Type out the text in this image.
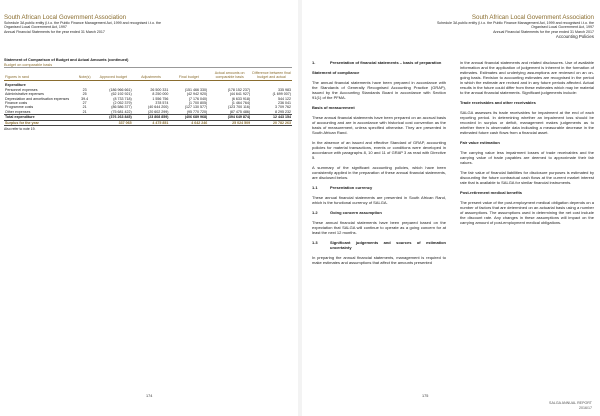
South African Local Government Association
Schedule 3A public entity (i.t.o. the Public Finance Management Act, 1999 and recognised i.t.o. the
Organised Local Government Act, 1997
Annual Financial Statements for the year ended 31 March 2017
Statement of Comparison of Budget and Actual Amounts (continued)
Budget on comparable basis
Figures in rand	Note(s)	Approved budget	Adjustments	Final budget	Actual amounts on comparable basis	Difference between final budget and actual
Expenditure						
Personnel expenses	23	(186 966 661)	26 500 331	(151 466 330)	(178 152 237)	335 983
Administrative expenses	25	(62 192 921)	8 250 000	(42 942 920)	(44 641 927)	(1 699 007)
Depreciation and amortisation expenses	39.4	(8 733 718)	1 556 756	(7 176 040)	(6 633 918)	544 122
Finance costs	27	(2 052 379)	378 574	(1 700 805)	(1 464 764)	236 041
Programme costs	21	(86 586 377)	(40 644 200)	(127 130 577)	(123 700 116)	3 709 762
Other expenses	21	(75 681 422)	(20 602 299)	(95 770 720)	(87 475 486)	8 295 232
Total expenditure		(376 263 845)	(23 808 859)	(406 689 968)	(394 649 874)	12 443 154
Surplus for the year		337 065	4 475 851	4 642 246	25 024 509	20 782 263
Also refer to note 19.
174
South African Local Government Association
Schedule 3A public entity (i.t.o. the Public Finance Management Act, 1999 and recognised i.t.o. the
Organised Local Government Act, 1997
Annual Financial Statements for the year ended 31 March 2017
Accounting Policies
1.	Presentation of financial statements – basis of preparation
Statement of compliance

The annual financial statements have been prepared in accordance with the Standards of Generally Recognised Accounting Practice (GRAP), issued by the Accounting Standards Board in accordance with Section 91(1) of the PFMA.

Basis of measurement

These annual financial statements have been prepared on an accrual basis of accounting and are in accordance with historical cost convention as the basis of measurement, unless specified otherwise. They are presented in South African Rand.

In the absence of an issued and effective Standard of GRAP, accounting policies for material transactions, events or conditions were developed in accordance with paragraphs 8, 10 and 11 of GRAP 3 as read with Directive 5.

A summary of the significant accounting policies, which have been consistently applied in the preparation of these annual financial statements, are disclosed below.

1.1	Presentation currency

These annual financial statements are presented in South African Rand, which is the functional currency of SALGA.

1.2	Going concern assumption

These annual financial statements have been prepared based on the expectation that SALGA will continue to operate as a going concern for at least the next 12 months.

1.3	Significant judgements and sources of estimation uncertainty

In preparing the annual financial statements, management is required to make estimates and assumptions that affect the amounts presented

in the annual financial statements and related disclosures. Use of available information and the application of judgement is inherent in the formation of estimates. Estimates and underlying assumptions are reviewed on an on-going basis. Revision to accounting estimates are recognised in the period in which the estimate are revised and in any future periods affected. Actual results in the future could differ from these estimates which may be material to the annual financial statements. Significant judgements include:

Trade receivables and other receivables

SALGA assesses its trade receivables for impairment at the end of each reporting period. In determining whether an impairment loss should be recorded in surplus or deficit, management makes judgements as to whether there is observable data indicating a measurable decrease in the estimated future cash flows from a financial asset.

Fair value estimation

The carrying value less impairment losses of trade receivables and the carrying value of trade payables are deemed to approximate their fair values.

The fair value of financial liabilities for disclosure purposes is estimated by discounting the future contractual cash flows at the current market interest rate that is available to SALGA for similar financial instruments.

Post-retirement medical benefits

The present value of the post-employment medical obligation depends on a number of factors that are determined on an actuarial basis using a number of assumptions. The assumptions used in determining the net cost include the discount rate. Any changes in these assumptions will impact on the carrying amount of post-employment medical obligations.

175
SALGA ANNUAL REPORT
2016/17
